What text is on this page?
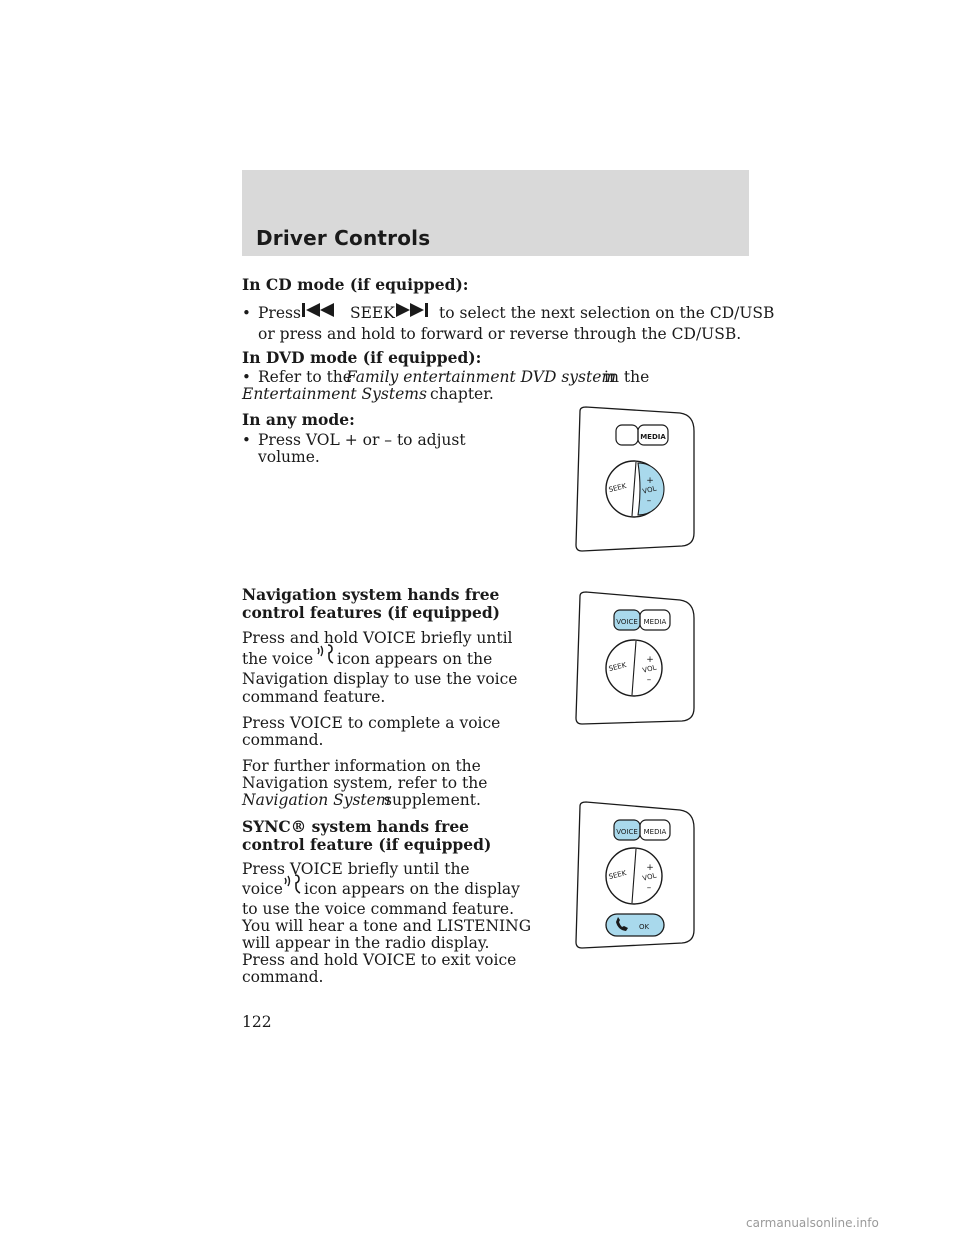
Driver Controls
In CD mode (if equipped):
• Press	SEEK	to select the next selection on the CD/USB
or press and hold to forward or reverse through the CD/USB.
In DVD mode (if equipped):
• Refer to the
Family entertainment DVD system
in the
Entertainment Systems chapter.
In any mode:
• Press VOL + or – to adjust
volume.
Navigation system hands free
control features (if equipped)
Press and hold VOICE briefly until
the voice icon appears on the
Navigation display to use the voice
command feature.
Press VOICE to complete a voice
command.
For further information on the
Navigation system, refer to the
Navigation System
supplement.
SYNC® system hands free
control feature (if equipped)
Press VOICE briefly until the
voice icon appears on the display
to use the voice command feature.
You will hear a tone and LISTENING
will appear in the radio display.
Press and hold VOICE to exit voice
command.
MEDIA
SEEK VOL
+
–
VOICE MEDIA
SEEK VOL
+
–
VOICE MEDIA
SEEK VOL
+
–
OK
122
carmanualsonline.info
